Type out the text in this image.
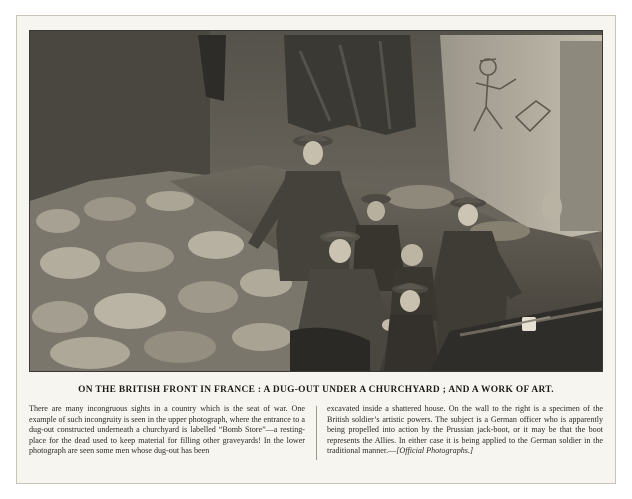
ON THE BRITISH FRONT IN FRANCE : A DUG-OUT UNDER A CHURCHYARD ; AND A WORK OF ART.
There are many incongruous sights in a country which is the seat of war. One example of such incongruity is seen in the upper photograph, where the entrance to a dug-out constructed underneath a churchyard is labelled “Bomb Store”—a resting-place for the dead used to keep material for filling other graveyards! In the lower photograph are seen some men whose dug-out has been
excavated inside a shattered house. On the wall to the right is a specimen of the British soldier’s artistic powers. The subject is a German officer who is apparently being propelled into action by the Prussian jack-boot, or it may be that the boot represents the Allies. In either case it is being applied to the German soldier in the traditional manner.—[Official Photographs.]
